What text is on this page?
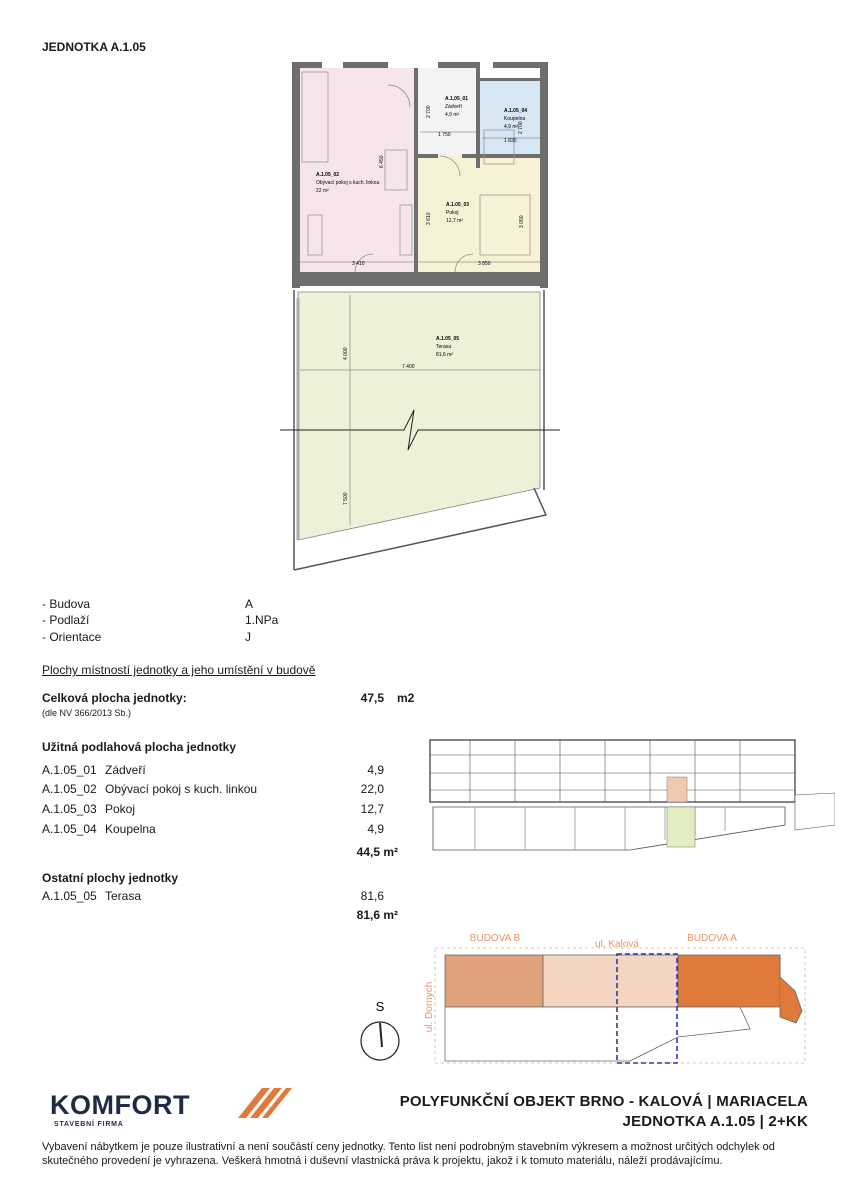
JEDNOTKA A.1.05
A.1.05_02
Obývací pokoj s kuch. linkou
22 m²
A.1.05_01
Zádveří
4,9 m²
A.1.05_04
Koupelna
4,9 m²
A.1.05_03
Pokoj
12,7 m²
A.1.05_05
Terasa
81,6 m²
2 700
1 750
1 830
2 700
6 450
3 610	3 050
3 410	3 850
4 000
7 400
7 500
- Budova	A
- Podlaží	1.NPa
- Orientace	J
Plochy místností jednotky a jeho umístění v budově
Celková plocha jednotky:
(dle NV 366/2013 Sb.)
47,5 m2
Užitná podlahová plocha jednotky
A.1.05_01 Zádveří	4,9
A.1.05_02 Obývací pokoj s kuch. linkou	22,0
A.1.05_03 Pokoj	12,7
A.1.05_04 Koupelna	4,9
44,5 m²
Ostatní plochy jednotky
A.1.05_05 Terasa	81,6
81,6 m²
BUDOVA B
ul. Kalová
BUDOVA A
ul. Dornych
S
KOMFORT
STAVEBNÍ FIRMA
POLYFUNKČNÍ OBJEKT BRNO - KALOVÁ | MARIACELA
JEDNOTKA A.1.05 | 2+KK
Vybavení nábytkem je pouze ilustrativní a není součástí ceny jednotky. Tento list není podrobným stavebním výkresem a možnost určitých odchylek od skutečného provedení je vyhrazena. Veškerá hmotná i duševní vlastnická práva k projektu, jakož i k tomuto materiálu, náleží prodávajícímu.
